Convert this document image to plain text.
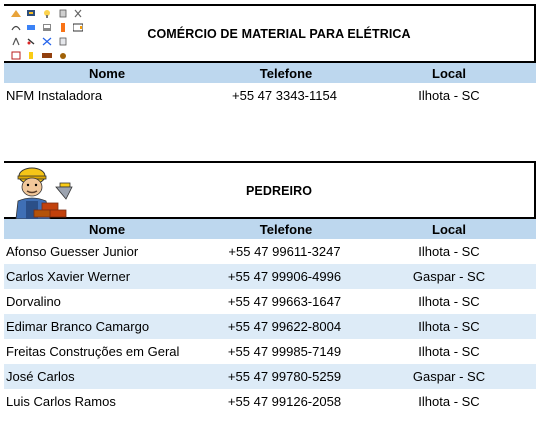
COMÉRCIO DE MATERIAL PARA ELÉTRICA
Nome	Telefone	Local
NFM Instaladora	+55 47 3343-1154	Ilhota - SC
PEDREIRO
Nome	Telefone	Local
Afonso Guesser Junior	+55 47 99611-3247	Ilhota - SC
Carlos Xavier Werner	+55 47 99906-4996	Gaspar - SC
Dorvalino	+55 47 99663-1647	Ilhota - SC
Edimar Branco Camargo	+55 47 99622-8004	Ilhota - SC
Freitas Construções em Geral	+55 47 99985-7149	Ilhota - SC
José Carlos	+55 47 99780-5259	Gaspar - SC
Luis Carlos Ramos	+55 47 99126-2058	Ilhota - SC
